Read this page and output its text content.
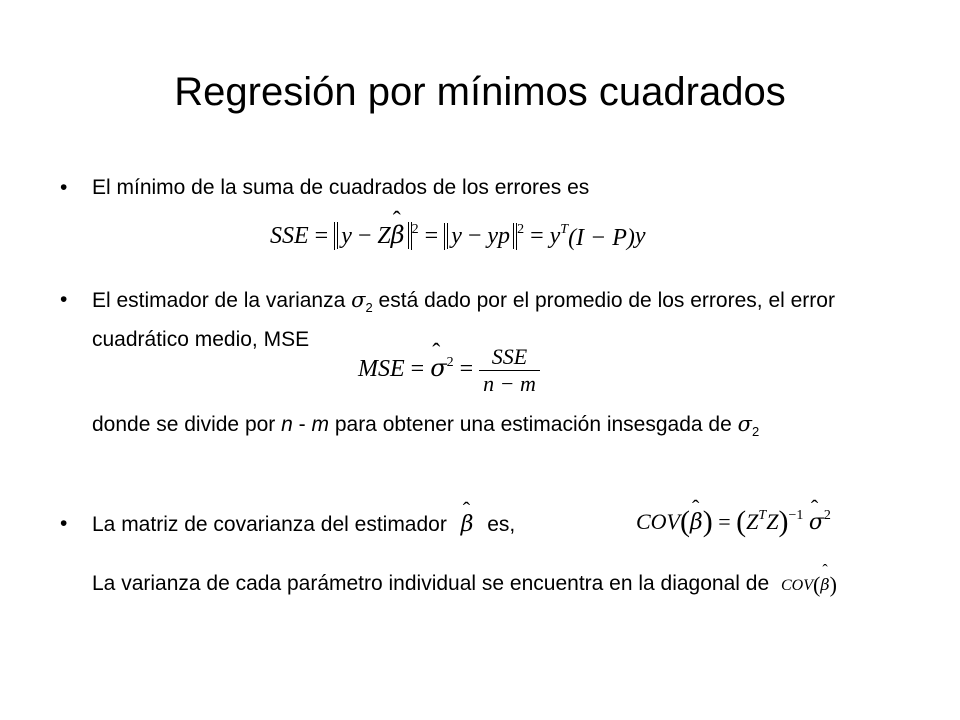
Regresión por mínimos cuadrados
• El mínimo de la suma de cuadrados de los errores es
SSE = y − Zˆ β $^2$ = y − yp $^2 = y^T(I - P)y$
• El estimador de la varianza $\sigma_2$ está dado por el promedio de los errores, el error cuadrático medio, MSE
MSE = ˆ $\sigma^2 = \frac{\text{SSE}}{n - m}$
donde se divide por n - m para obtener una estimación insesgada de $\sigma_2$
• La matriz de covarianza del estimador ˆ β es,	COV(ˆ $\beta) = (Z^TZ)^{-1}$ ˆ $\sigma^2$
La varianza de cada parámetro individual se encuentra en la diagonal de COV(ˆ β)
